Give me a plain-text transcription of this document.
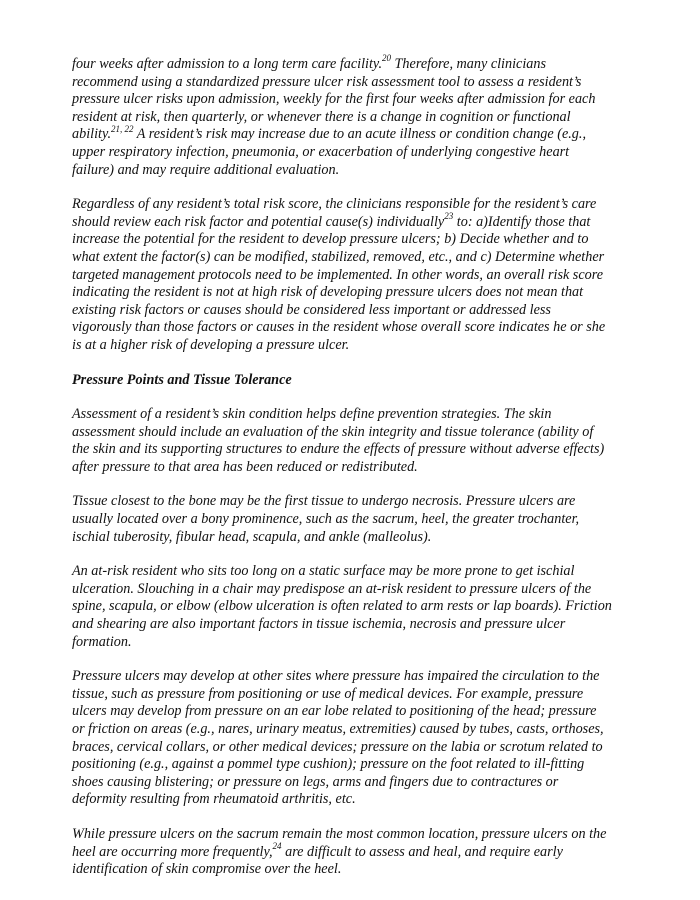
four weeks after admission to a long term care facility.$^{20}$ Therefore, many clinicians recommend using a standardized pressure ulcer risk assessment tool to assess a resident’s pressure ulcer risks upon admission, weekly for the first four weeks after admission for each resident at risk, then quarterly, or whenever there is a change in cognition or functional ability.$^{21, 22}$ A resident’s risk may increase due to an acute illness or condition change (e.g., upper respiratory infection, pneumonia, or exacerbation of underlying congestive heart failure) and may require additional evaluation.

Regardless of any resident’s total risk score, the clinicians responsible for the resident’s care should review each risk factor and potential cause(s) individually$^{23}$ to: a)Identify those that increase the potential for the resident to develop pressure ulcers; b) Decide whether and to what extent the factor(s) can be modified, stabilized, removed, etc., and c) Determine whether targeted management protocols need to be implemented. In other words, an overall risk score indicating the resident is not at high risk of developing pressure ulcers does not mean that existing risk factors or causes should be considered less important or addressed less vigorously than those factors or causes in the resident whose overall score indicates he or she is at a higher risk of developing a pressure ulcer.

Pressure Points and Tissue Tolerance

Assessment of a resident’s skin condition helps define prevention strategies. The skin assessment should include an evaluation of the skin integrity and tissue tolerance (ability of the skin and its supporting structures to endure the effects of pressure without adverse effects) after pressure to that area has been reduced or redistributed.

Tissue closest to the bone may be the first tissue to undergo necrosis. Pressure ulcers are usually located over a bony prominence, such as the sacrum, heel, the greater trochanter, ischial tuberosity, fibular head, scapula, and ankle (malleolus).

An at-risk resident who sits too long on a static surface may be more prone to get ischial ulceration. Slouching in a chair may predispose an at-risk resident to pressure ulcers of the spine, scapula, or elbow (elbow ulceration is often related to arm rests or lap boards). Friction and shearing are also important factors in tissue ischemia, necrosis and pressure ulcer formation.

Pressure ulcers may develop at other sites where pressure has impaired the circulation to the tissue, such as pressure from positioning or use of medical devices. For example, pressure ulcers may develop from pressure on an ear lobe related to positioning of the head; pressure or friction on areas (e.g., nares, urinary meatus, extremities) caused by tubes, casts, orthoses, braces, cervical collars, or other medical devices; pressure on the labia or scrotum related to positioning (e.g., against a pommel type cushion); pressure on the foot related to ill-fitting shoes causing blistering; or pressure on legs, arms and fingers due to contractures or deformity resulting from rheumatoid arthritis, etc.

While pressure ulcers on the sacrum remain the most common location, pressure ulcers on the heel are occurring more frequently,$^{24}$ are difficult to assess and heal, and require early identification of skin compromise over the heel.
